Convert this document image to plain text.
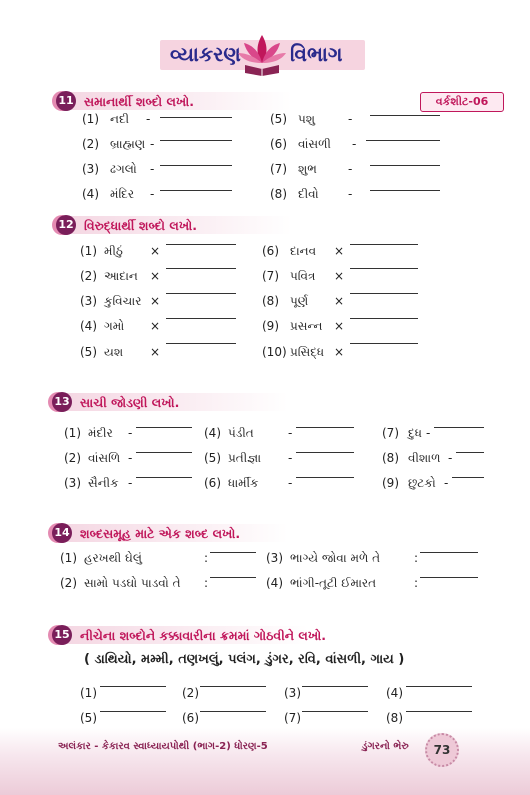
વ્યાકરણ વિભાગ
વર્કશીટ-06
11 સમાનાર્થી શબ્દો લખો.
(1) નદી -	(5) પશુ	-
(2) બ્રાહ્મણ -	(6) વાંસળી -
(3) ઢગલો -	(7) શુભ	-
(4) મંદિર -	(8) દીવો -
12 વિરુદ્ધાર્થી શબ્દો લખો.
(1) મીઠું ×	(6) દાનવ ×
(2) આદાન ×	(7) પવિત્ર ×
(3) કુવિચાર ×	(8) પૂર્ણ ×
(4) ગમો ×	(9) પ્રસન્ન ×
(5) યશ ×	(10) પ્રસિદ્ધ ×
13 સાચી જોડણી લખો.
(1) મંદીર -	(4) પંડીત	-	(7) દુધ -
(2) વાંસળિ -	(5) પ્રતીજ્ઞા -	(8) વીશાળ -
(3) સૈનીક -	(6) ધાર્મીક -	(9) છુટકો -
14 શબ્દસમૂહ માટે એક શબ્દ લખો.
(1) હરખથી ઘેલું	:	(3) ભાગ્યે જોવા મળે તે	:
(2) સામો પડઘો પાડવો તે :	(4) ભાંગી-તૂટી ઈમારત	:
15 નીચેના શબ્દોને કક્કાવારીના ક્રમમાં ગોઠવીને લખો.
( ડાથિયો, મમ્મી, તણખલું, પલંગ, ડુંગર, રવિ, વાંસળી, ગાય )
(1)	(2)	(3)	(4)
(5)	(6)	(7)	(8)
અલંકાર - કેકારવ સ્વાધ્યાયપોથી (ભાગ-2) ધોરણ-5	ડુંગરનો ભેરુ	73
